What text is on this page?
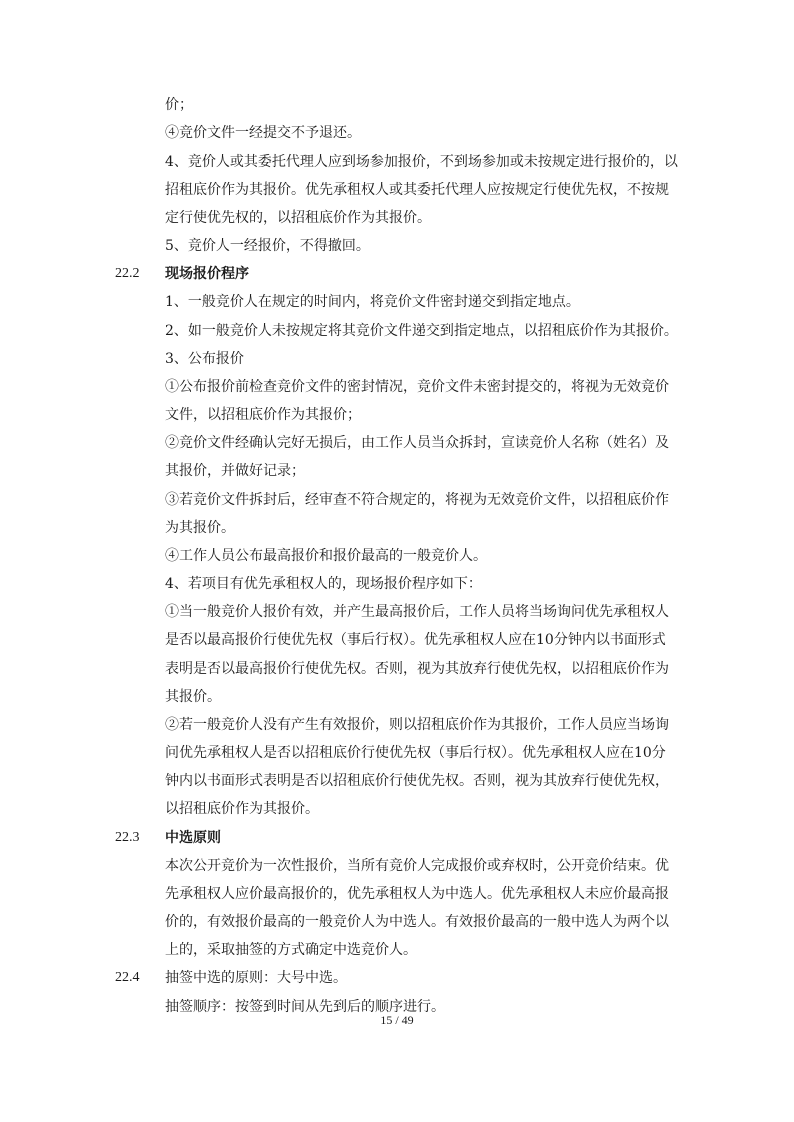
价；
④竞价文件一经提交不予退还。
4、竞价人或其委托代理人应到场参加报价，不到场参加或未按规定进行报价的，以
招租底价作为其报价。优先承租权人或其委托代理人应按规定行使优先权，不按规
定行使优先权的，以招租底价作为其报价。
5、竞价人一经报价，不得撤回。
22.2 现场报价程序
1、一般竞价人在规定的时间内，将竞价文件密封递交到指定地点。
2、如一般竞价人未按规定将其竞价文件递交到指定地点，以招租底价作为其报价。
3、公布报价
①公布报价前检查竞价文件的密封情况，竞价文件未密封提交的，将视为无效竞价
文件，以招租底价作为其报价；
②竞价文件经确认完好无损后，由工作人员当众拆封，宣读竞价人名称（姓名）及
其报价，并做好记录；
③若竞价文件拆封后，经审查不符合规定的，将视为无效竞价文件，以招租底价作
为其报价。
④工作人员公布最高报价和报价最高的一般竞价人。
4、若项目有优先承租权人的，现场报价程序如下：
①当一般竞价人报价有效，并产生最高报价后，工作人员将当场询问优先承租权人
是否以最高报价行使优先权（事后行权）。优先承租权人应在10分钟内以书面形式
表明是否以最高报价行使优先权。否则，视为其放弃行使优先权，以招租底价作为
其报价。
②若一般竞价人没有产生有效报价，则以招租底价作为其报价，工作人员应当场询
问优先承租权人是否以招租底价行使优先权（事后行权）。优先承租权人应在10分
钟内以书面形式表明是否以招租底价行使优先权。否则，视为其放弃行使优先权，
以招租底价作为其报价。
22.3 中选原则
本次公开竞价为一次性报价，当所有竞价人完成报价或弃权时，公开竞价结束。优
先承租权人应价最高报价的，优先承租权人为中选人。优先承租权人未应价最高报
价的，有效报价最高的一般竞价人为中选人。有效报价最高的一般中选人为两个以
上的，采取抽签的方式确定中选竞价人。
22.4 抽签中选的原则：大号中选。
抽签顺序：按签到时间从先到后的顺序进行。
15 / 49
